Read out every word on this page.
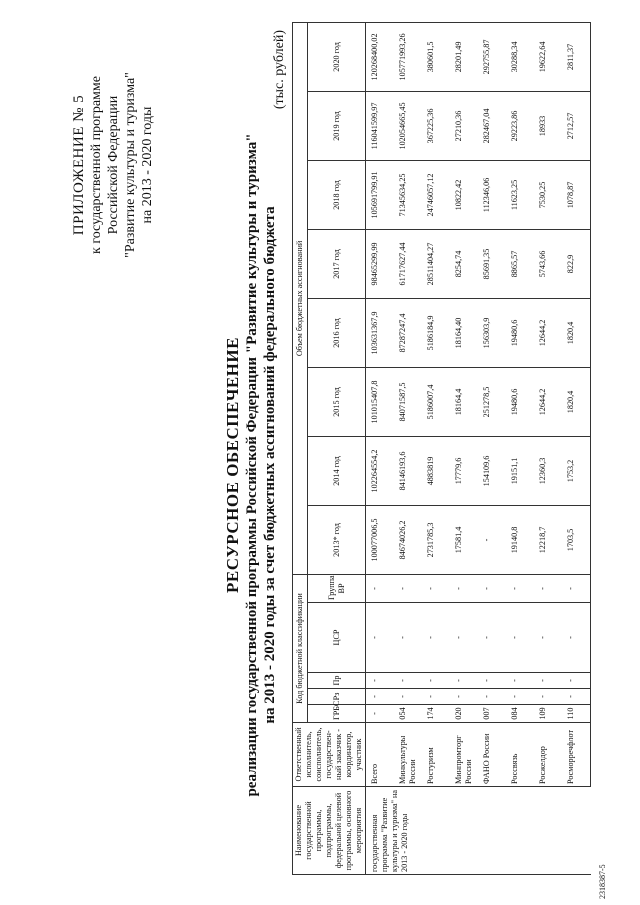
ПРИЛОЖЕНИЕ № 5 к государственной программе Российской Федерации "Развитие культуры и туризма" на 2013 - 2020 годы
РЕСУРСНОЕ ОБЕСПЕЧЕНИЕ реализации государственной программы Российской Федерации "Развитие культуры и туризма" на 2013 - 2020 годы за счет бюджетных ассигнований федерального бюджета
(тыс. рублей)
Наименование государственной программы, подпрограммы, федеральной целевой программы, основного мероприятия	Ответственный исполнитель, соисполнитель, государствен-ный заказчик - координатор, участник	Код бюджетной классификации					Объем бюджетных ассигнований							
		ГРБС	Рз	Пр	ЦСР	Группа ВР	2013* год	2014 год	2015 год	2016 год	2017 год	2018 год	2019 год	2020 год
государственная программа "Развитие культуры и туризма" на 2013 - 2020 годы	Всего	-	-	-	-	-	100077006,5	102264554,2	101015407,8	103631367,9	98465299,99	105691799,91	116041599,97	120268400,02
	Минкультуры России	054	-	-	-	-	84674026,2	84146193,6	84071587,5	87287247,4	61717627,44	71345634,25	102054665,45	105771993,26
	Ростуризм	174	-	-	-	-	2731785,3	4883819	5186007,4	5186184,9	28511404,27	24746057,12	367225,36	380601,5
	Минпромторг России	020	-	-	-	-	17581,4	17779,6	18164,4	18164,40	8254,74	10822,42	27210,36	28201,49
	ФАНО России	007	-	-	-	-	-	154109,6	251278,5	156303,9	85691,35	112346,06	282467,04	292755,87
	Россвязь	084	-	-	-	-	19140,8	19151,1	19480,6	19480,6	8865,57	11623,25	29223,86	30288,34
	Росжелдор	109	-	-	-	-	12218,7	12360,3	12644,2	12644,2	5743,66	7530,25	18933	19622,64
	Росморречфлот	110	-	-	-	-	1703,5	1753,2	1820,4	1820,4	822,9	1078,87	2712,57	2811,37
2318387-5
